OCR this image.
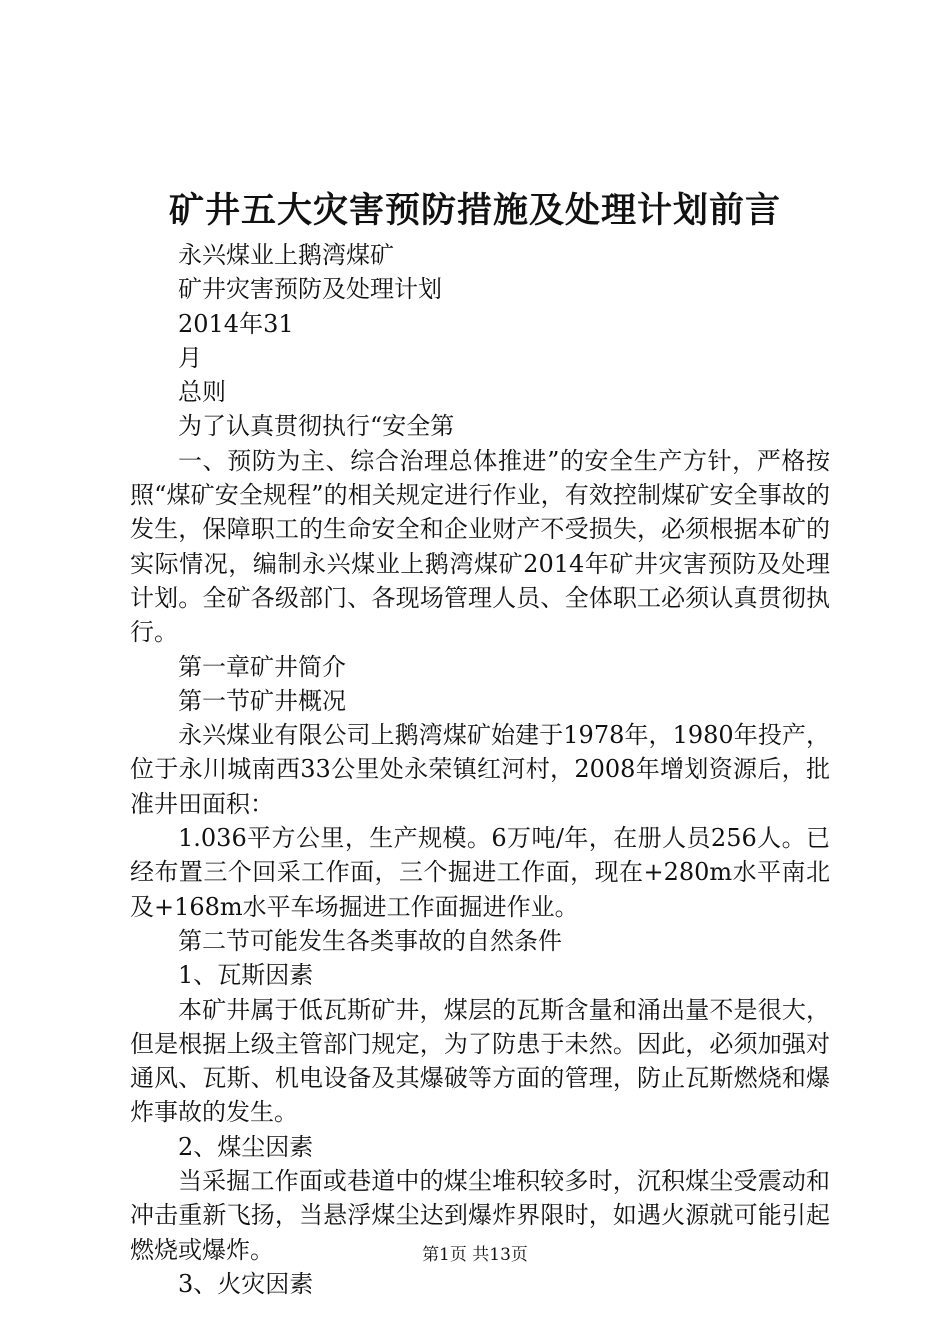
矿井五大灾害预防措施及处理计划前言

永兴煤业上鹅湾煤矿

矿井灾害预防及处理计划

2014年31

月

总则

为了认真贯彻执行“安全第

一、预防为主、综合治理总体推进”的安全生产方针，严格按照“煤矿安全规程”的相关规定进行作业，有效控制煤矿安全事故的发生，保障职工的生命安全和企业财产不受损失，必须根据本矿的实际情况，编制永兴煤业上鹅湾煤矿2014年矿井灾害预防及处理计划。全矿各级部门、各现场管理人员、全体职工必须认真贯彻执行。

第一章矿井简介

第一节矿井概况

永兴煤业有限公司上鹅湾煤矿始建于1978年，1980年投产，位于永川城南西33公里处永荣镇红河村，2008年增划资源后，批准井田面积：

1.036平方公里，生产规模。6万吨/年，在册人员256人。已经布置三个回采工作面，三个掘进工作面，现在+280m水平南北及+168m水平车场掘进工作面掘进作业。

第二节可能发生各类事故的自然条件

1、瓦斯因素

本矿井属于低瓦斯矿井，煤层的瓦斯含量和涌出量不是很大，但是根据上级主管部门规定，为了防患于未然。因此，必须加强对通风、瓦斯、机电设备及其爆破等方面的管理，防止瓦斯燃烧和爆炸事故的发生。

2、煤尘因素

当采掘工作面或巷道中的煤尘堆积较多时，沉积煤尘受震动和冲击重新飞扬，当悬浮煤尘达到爆炸界限时，如遇火源就可能引起燃烧或爆炸。

3、火灾因素

第1页 共13页
